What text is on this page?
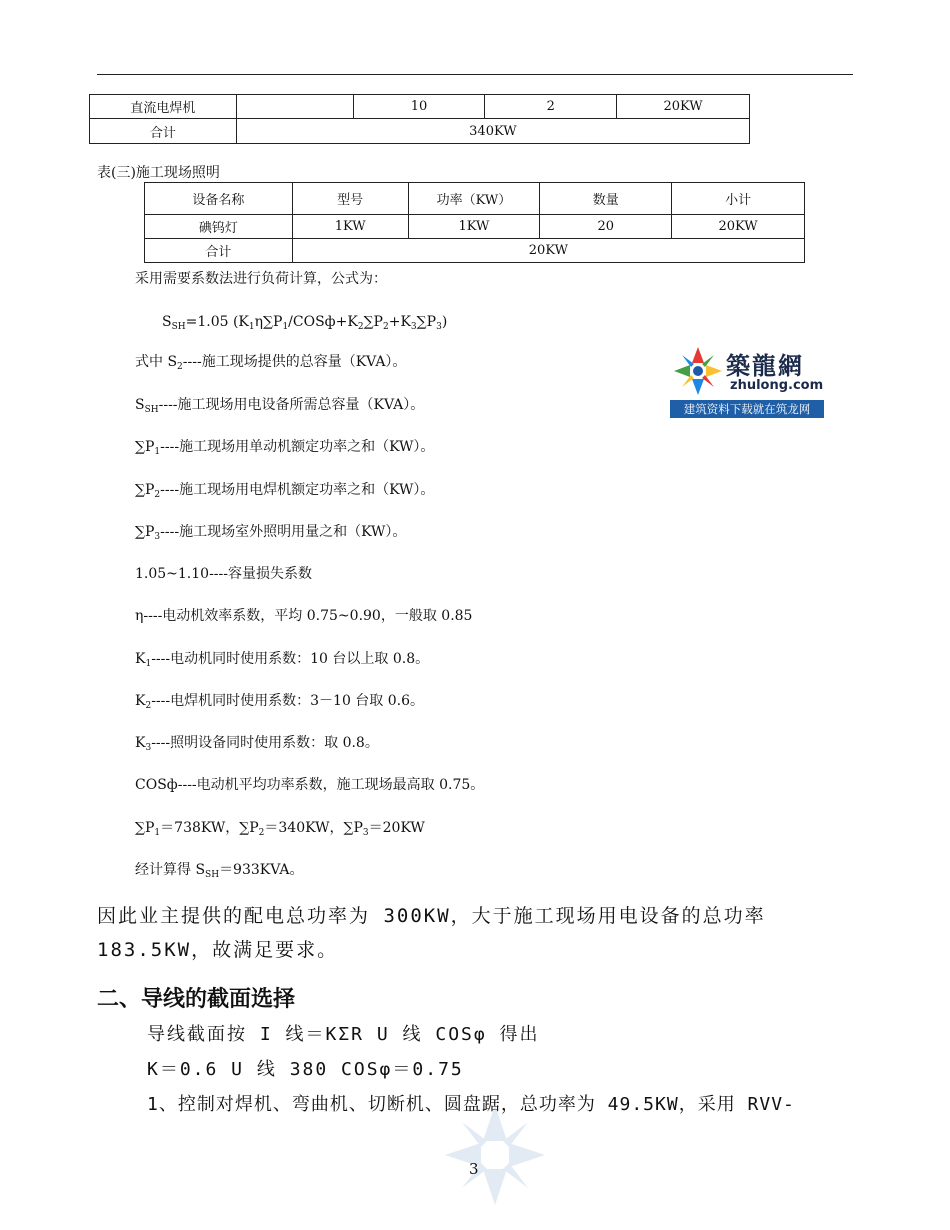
直流电焊机		10	2	20KW
合计	340KW			
表(三)施工现场照明
设备名称	型号	功率（KW）	数量	小计
碘钨灯	1KW	1KW	20	20KW
合计	20KW			
采用需要系数法进行负荷计算，公式为：
$S_{SH}=1.05$ $(K_1\eta\sum P_1/COSф+K_2\sum P_2+K_3\sum P_3)$
式中 $S_2----$施工现场提供的总容量（KVA）。
$S_{SH}----$施工现场用电设备所需总容量（KVA）。
$\sum P_1----$施工现场用单动机额定功率之和（KW）。
$\sum P_2----$施工现场用电焊机额定功率之和（KW）。
$\sum P_3----$施工现场室外照明用量之和（KW）。
1.05~1.10----容量损失系数
η----电动机效率系数，平均 0.75~0.90，一般取 0.85
$K_1----$电动机同时使用系数：10 台以上取 0.8。
$K_2----$电焊机同时使用系数：3－10 台取 0.6。
$K_3----$照明设备同时使用系数：取 0.8。
COSф----电动机平均功率系数，施工现场最高取 0.75。
$\sum P_1=738KW$，$\sum P_2=340KW$，$\sum P_3=20KW$
经计算得 $S_{SH}=933KVA$。
因此业主提供的配电总功率为 300KW，大于施工现场用电设备的总功率
183.5KW，故满足要求。
二、导线的截面选择
导线截面按 I 线＝KΣR U 线 COSφ 得出
K＝0.6 U 线 380 COSφ＝0.75
1、控制对焊机、弯曲机、切断机、圆盘踞，总功率为 49.5KW，采用 RVV-
築龍網
zhulong.com
建筑资料下载就在筑龙网
3
